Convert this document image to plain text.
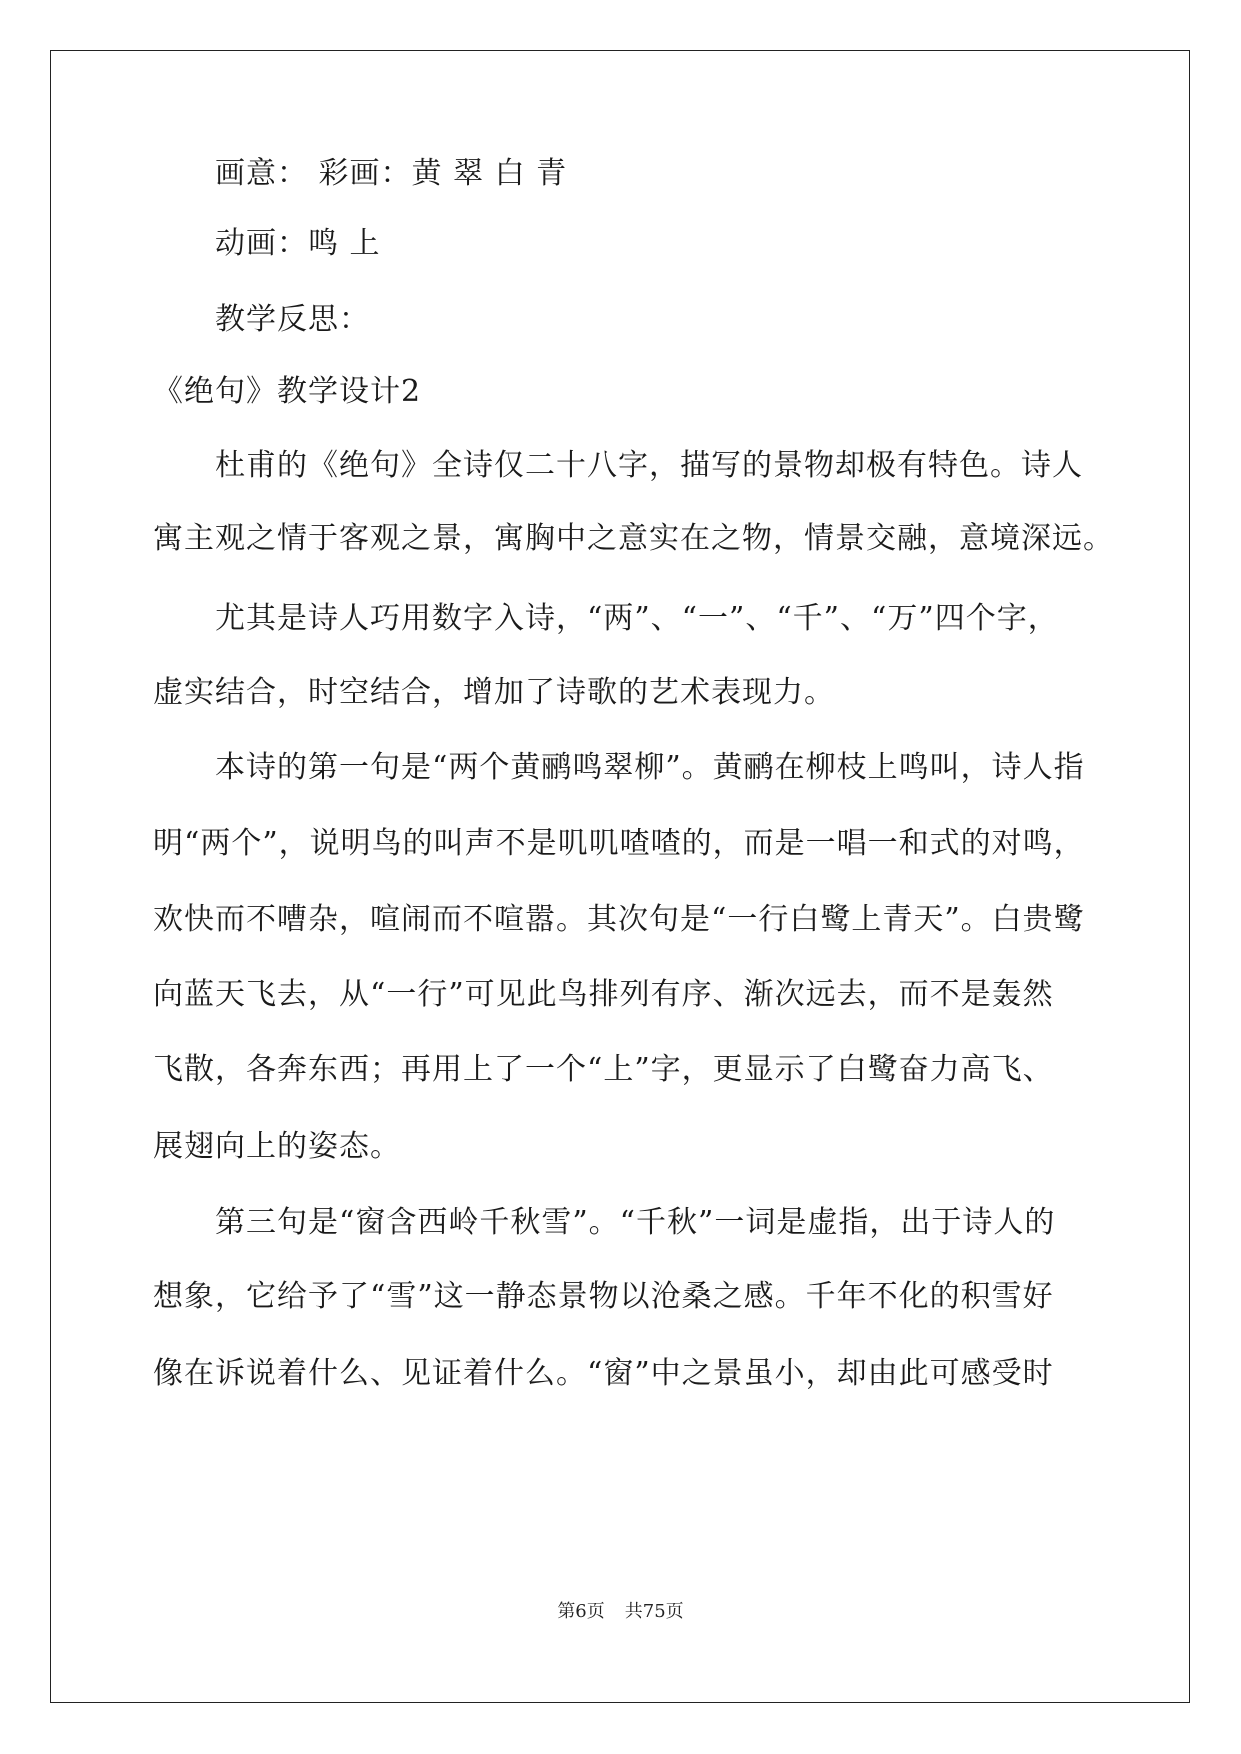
画意： 彩画：黄 翠 白 青
动画：鸣 上
教学反思：
《绝句》教学设计2
杜甫的《绝句》全诗仅二十八字，描写的景物却极有特色。诗人
寓主观之情于客观之景，寓胸中之意实在之物，情景交融，意境深远。
尤其是诗人巧用数字入诗，“两”、“一”、“千”、“万”四个字，
虚实结合，时空结合，增加了诗歌的艺术表现力。
本诗的第一句是“两个黄鹂鸣翠柳”。黄鹂在柳枝上鸣叫，诗人指
明“两个”，说明鸟的叫声不是叽叽喳喳的，而是一唱一和式的对鸣，
欢快而不嘈杂，喧闹而不喧嚣。其次句是“一行白鹭上青天”。白贵鹭
向蓝天飞去，从“一行”可见此鸟排列有序、渐次远去，而不是轰然
飞散，各奔东西；再用上了一个“上”字，更显示了白鹭奋力高飞、
展翅向上的姿态。
第三句是“窗含西岭千秋雪”。“千秋”一词是虚指，出于诗人的
想象，它给予了“雪”这一静态景物以沧桑之感。千年不化的积雪好
像在诉说着什么、见证着什么。“窗”中之景虽小，却由此可感受时
第6页 共75页
